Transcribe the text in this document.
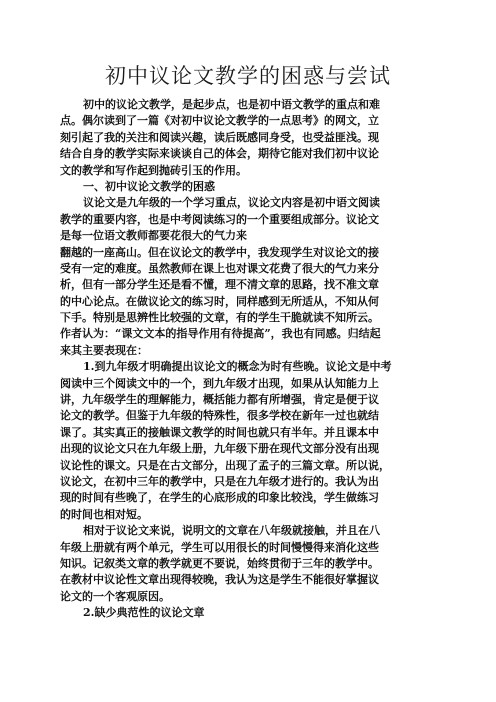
初中议论文教学的困惑与尝试
初中的议论文教学，是起步点，也是初中语文教学的重点和难
点。偶尔读到了一篇《对初中议论文教学的一点思考》的网文，立
刻引起了我的关注和阅读兴趣，读后既感同身受，也受益匪浅。现
结合自身的教学实际来谈谈自己的体会，期待它能对我们初中议论
文的教学和写作起到抛砖引玉的作用。
一、初中议论文教学的困惑
议论文是九年级的一个学习重点，议论文内容是初中语文阅读
教学的重要内容，也是中考阅读练习的一个重要组成部分。议论文
是每一位语文教师都要花很大的气力来
翻越的一座高山。但在议论文的教学中，我发现学生对议论文的接
受有一定的难度。虽然教师在课上也对课文花费了很大的气力来分
析，但有一部分学生还是看不懂，理不清文章的思路，找不准文章
的中心论点。在做议论文的练习时，同样感到无所适从，不知从何
下手。特别是思辨性比较强的文章，有的学生干脆就读不知所云。
作者认为：“课文文本的指导作用有待提高”，我也有同感。归结起
来其主要表现在：
1.到九年级才明确提出议论文的概念为时有些晚。议论文是中考
阅读中三个阅读文中的一个，到九年级才出现，如果从认知能力上
讲，九年级学生的理解能力，概括能力都有所增强，肯定是便于议
论文的教学。但鉴于九年级的特殊性，很多学校在新年一过也就结
课了。其实真正的接触课文教学的时间也就只有半年。并且课本中
出现的议论文只在九年级上册，九年级下册在现代文部分没有出现
议论性的课文。只是在古文部分，出现了孟子的三篇文章。所以说，
议论文，在初中三年的教学中，只是在九年级才进行的。我认为出
现的时间有些晚了，在学生的心底形成的印象比较浅，学生做练习
的时间也相对短。
相对于议论文来说，说明文的文章在八年级就接触，并且在八
年级上册就有两个单元，学生可以用很长的时间慢慢得来消化这些
知识。记叙类文章的教学就更不要说，始终贯彻于三年的教学中。
在教材中议论性文章出现得较晚，我认为这是学生不能很好掌握议
论文的一个客观原因。
2.缺少典范性的议论文章
